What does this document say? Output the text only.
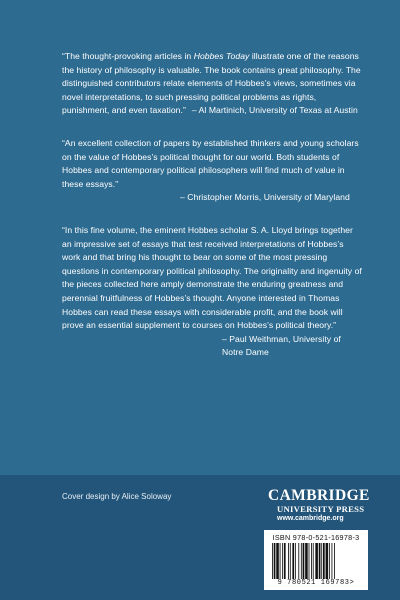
“The thought-provoking articles in Hobbes Today illustrate one of the reasons the history of philosophy is valuable. The book contains great philosophy. The distinguished contributors relate elements of Hobbes’s views, sometimes via novel interpretations, to such pressing political problems as rights, punishment, and even taxation.” – Al Martinich, University of Texas at Austin

“An excellent collection of papers by established thinkers and young scholars on the value of Hobbes’s political thought for our world. Both students of Hobbes and contemporary political philosophers will find much of value in these essays.”
– Christopher Morris, University of Maryland

“In this fine volume, the eminent Hobbes scholar S. A. Lloyd brings together an impressive set of essays that test received interpretations of Hobbes’s work and that bring his thought to bear on some of the most pressing questions in contemporary political philosophy. The originality and ingenuity of the pieces collected here amply demonstrate the enduring greatness and perennial fruitfulness of Hobbes’s thought. Anyone interested in Thomas Hobbes can read these essays with considerable profit, and the book will prove an essential supplement to courses on Hobbes’s political theory.”
– Paul Weithman, University of Notre Dame

Cover design by Alice Soloway	CAMBRIDGE
UNIVERSITY PRESS
www.cambridge.org
ISBN 978-0-521-16978-3
9 780521 169783>
